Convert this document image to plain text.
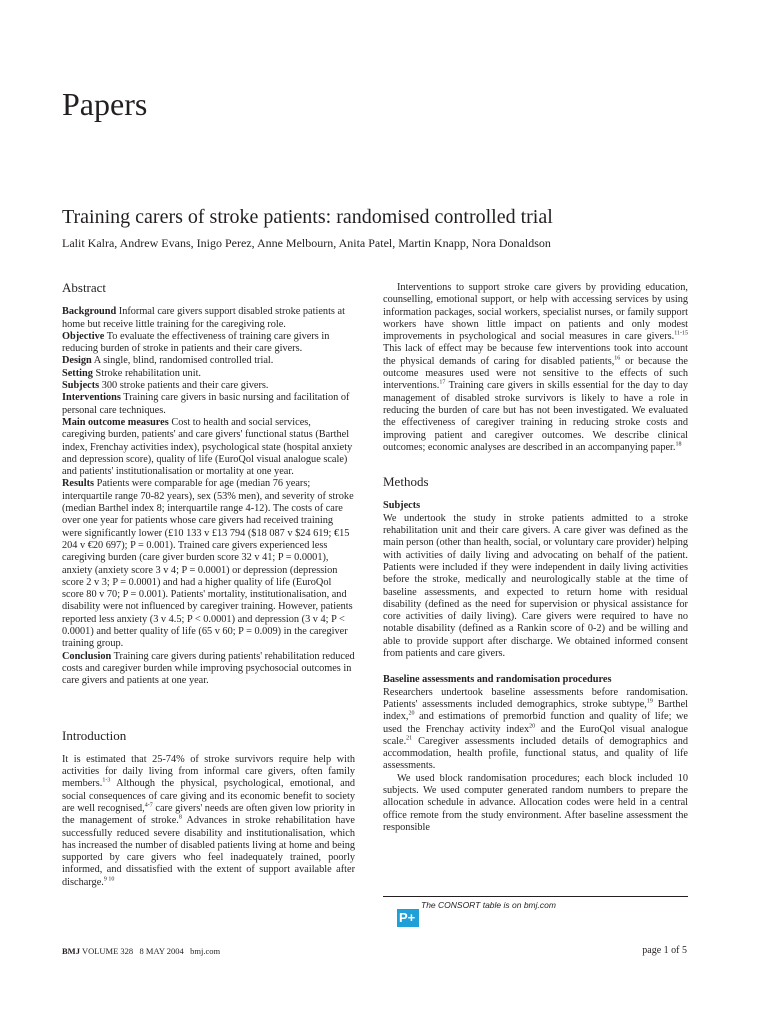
Papers
Training carers of stroke patients: randomised controlled trial
Lalit Kalra, Andrew Evans, Inigo Perez, Anne Melbourn, Anita Patel, Martin Knapp, Nora Donaldson
Abstract

Background Informal care givers support disabled stroke patients at home but receive little training for the caregiving role.

Objective To evaluate the effectiveness of training care givers in reducing burden of stroke in patients and their care givers.

Design A single, blind, randomised controlled trial.

Setting Stroke rehabilitation unit.

Subjects 300 stroke patients and their care givers.

Interventions Training care givers in basic nursing and facilitation of personal care techniques.

Main outcome measures Cost to health and social services, caregiving burden, patients' and care givers' functional status (Barthel index, Frenchay activities index), psychological state (hospital anxiety and depression score), quality of life (EuroQol visual analogue scale) and patients' institutionalisation or mortality at one year.

Results Patients were comparable for age (median 76 years; interquartile range 70-82 years), sex (53% men), and severity of stroke (median Barthel index 8; interquartile range 4-12). The costs of care over one year for patients whose care givers had received training were significantly lower (£10 133 v £13 794 ($18 087 v $24 619; €15 204 v €20 697); P = 0.001). Trained care givers experienced less caregiving burden (care giver burden score 32 v 41; P = 0.0001), anxiety (anxiety score 3 v 4; P = 0.0001) or depression (depression score 2 v 3; P = 0.0001) and had a higher quality of life (EuroQol score 80 v 70; P = 0.001). Patients' mortality, institutionalisation, and disability were not influenced by caregiver training. However, patients reported less anxiety (3 v 4.5; P < 0.0001) and depression (3 v 4; P < 0.0001) and better quality of life (65 v 60; P = 0.009) in the caregiver training group.

Conclusion Training care givers during patients' rehabilitation reduced costs and caregiver burden while improving psychosocial outcomes in care givers and patients at one year.

Introduction

It is estimated that 25-74% of stroke survivors require help with activities for daily living from informal care givers, often family members.$^{1-3}$ Although the physical, psychological, emotional, and social consequences of care giving and its economic benefit to society are well recognised,$^{4-7}$ care givers' needs are often given low priority in the management of stroke.$^8$ Advances in stroke rehabilitation have successfully reduced severe disability and institutionalisation, which has increased the number of disabled patients living at home and being supported by care givers who feel inadequately trained, poorly informed, and dissatisfied with the extent of support available after discharge.$^{9 10}$

Interventions to support stroke care givers by providing education, counselling, emotional support, or help with accessing services by using information packages, social workers, specialist nurses, or family support workers have shown little impact on patients and only modest improvements in psychological and social measures in care givers.$^{11-15}$ This lack of effect may be because few interventions took into account the physical demands of caring for disabled patients,$^{16}$ or because the outcome measures used were not sensitive to the effects of such interventions.$^{17}$ Training care givers in skills essential for the day to day management of disabled stroke survivors is likely to have a role in reducing the burden of care but has not been investigated. We evaluated the effectiveness of caregiver training in reducing stroke costs and improving patient and caregiver outcomes. We describe clinical outcomes; economic analyses are described in an accompanying paper.$^{18}$

Methods
Subjects

We undertook the study in stroke patients admitted to a stroke rehabilitation unit and their care givers. A care giver was defined as the main person (other than health, social, or voluntary care provider) helping with activities of daily living and advocating on behalf of the patient. Patients were included if they were independent in daily living activities before the stroke, medically and neurologically stable at the time of baseline assessments, and expected to return home with residual disability (defined as the need for supervision or physical assistance for core activities of daily living). Care givers were required to have no notable disability (defined as a Rankin score of 0-2) and be willing and able to provide support after discharge. We obtained informed consent from patients and care givers.

Baseline assessments and randomisation procedures

Researchers undertook baseline assessments before randomisation. Patients' assessments included demographics, stroke subtype,$^{19}$ Barthel index,$^{20}$ and estimations of premorbid function and quality of life; we used the Frenchay activity index$^{20}$ and the EuroQol visual analogue scale.$^{21}$ Caregiver assessments included details of demographics and accommodation, health profile, functional status, and quality of life assessments.

We used block randomisation procedures; each block included 10 subjects. We used computer generated random numbers to prepare the allocation schedule in advance. Allocation codes were held in a central office remote from the study environment. After baseline assessment the responsible

P+
The CONSORT table is on bmj.com
BMJ VOLUME 328 8 MAY 2004 bmj.com	page 1 of 5
